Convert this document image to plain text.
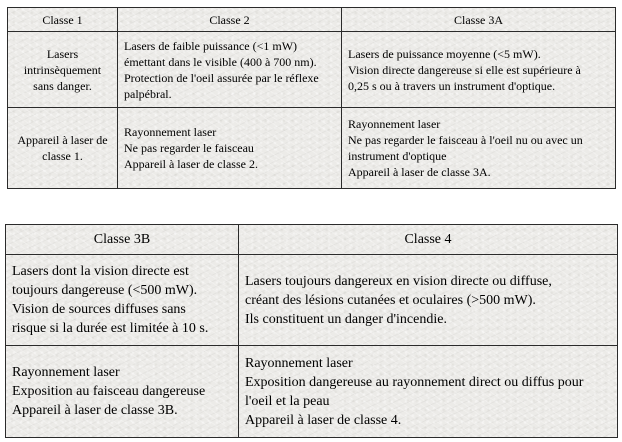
Classe 1	Classe 2	Classe 3A

Lasers
intrinsèquement
sans danger.	Lasers de faible puissance (<1 mW)
émettant dans le visible (400 à 700 nm).
Protection de l'oeil assurée par le réflexe
palpébral.	Lasers de puissance moyenne (<5 mW).
Vision directe dangereuse si elle est supérieure à
0,25 s ou à travers un instrument d'optique.

Appareil à laser de
classe 1.	Rayonnement laser
Ne pas regarder le faisceau
Appareil à laser de classe 2.	Rayonnement laser
Ne pas regarder le faisceau à l'oeil nu ou avec un
instrument d'optique
Appareil à laser de classe 3A.
Classe 3B	Classe 4

Lasers dont la vision directe est
toujours dangereuse (<500 mW).
Vision de sources diffuses sans
risque si la durée est limitée à 10 s.	Lasers toujours dangereux en vision directe ou diffuse,
créant des lésions cutanées et oculaires (>500 mW).
Ils constituent un danger d'incendie.

Rayonnement laser
Exposition au faisceau dangereuse
Appareil à laser de classe 3B.	Rayonnement laser
Exposition dangereuse au rayonnement direct ou diffus pour
l'oeil et la peau
Appareil à laser de classe 4.
